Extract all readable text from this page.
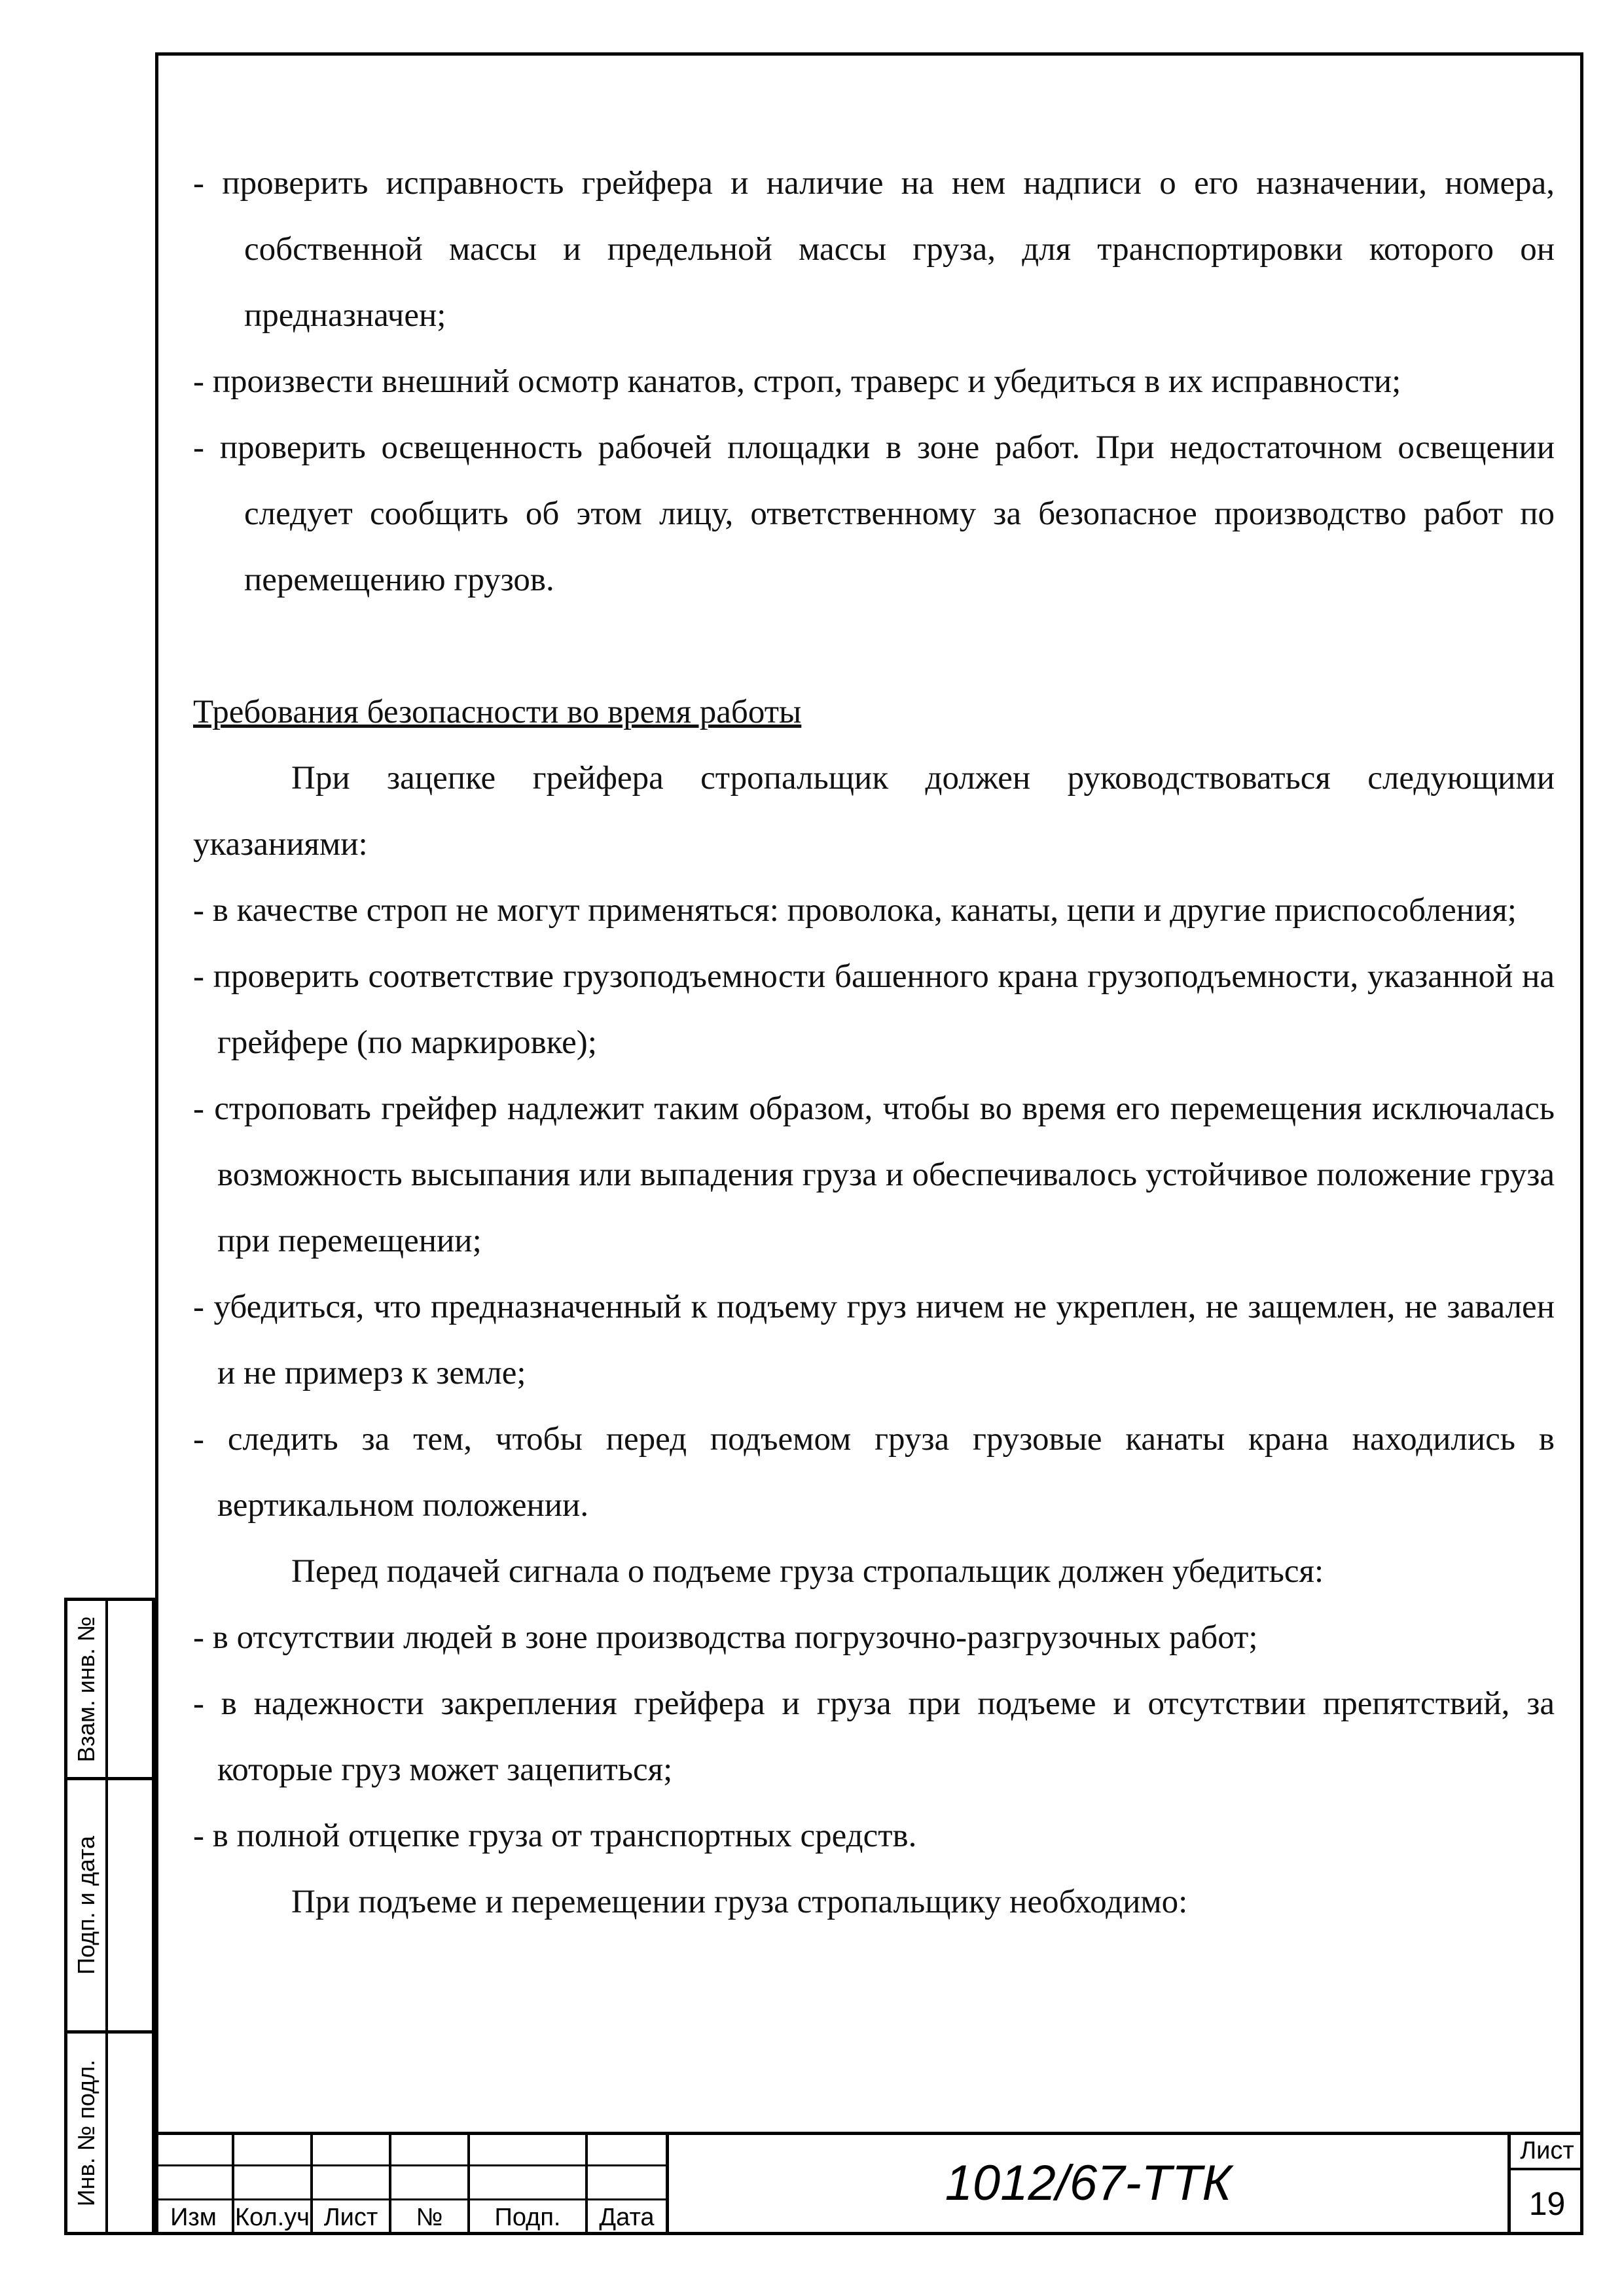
- проверить исправность грейфера и наличие на нем надписи о его назначении, номера, собственной массы и предельной массы груза, для транспортировки которого он предназначен;

- произвести внешний осмотр канатов, строп, траверс и убедиться в их исправности;

- проверить освещенность рабочей площадки в зоне работ. При недостаточном освещении следует сообщить об этом лицу, ответственному за безопасное производство работ по перемещению грузов.

Требования безопасности во время работы

При зацепке грейфера стропальщик должен руководствоваться следующими указаниями:

- в качестве строп не могут применяться: проволока, канаты, цепи и другие приспособления;

- проверить соответствие грузоподъемности башенного крана грузоподъемности, указанной на грейфере (по маркировке);

- строповать грейфер надлежит таким образом, чтобы во время его перемещения исключалась возможность высыпания или выпадения груза и обеспечивалось устойчивое положение груза при перемещении;

- убедиться, что предназначенный к подъему груз ничем не укреплен, не защемлен, не завален и не примерз к земле;

- следить за тем, чтобы перед подъемом груза грузовые канаты крана находились в вертикальном положении.

Перед подачей сигнала о подъеме груза стропальщик должен убедиться:

- в отсутствии людей в зоне производства погрузочно-разгрузочных работ;

- в надежности закрепления грейфера и груза при подъеме и отсутствии препятствий, за которые груз может зацепиться;

- в полной отцепке груза от транспортных средств.

При подъеме и перемещении груза стропальщику необходимо:

Взам. инв. №
Подп. и дата
Инв. № подл.
Изм Кол.уч Лист	№	Подп.	Дата
1012/67-ТТК
Лист
19
